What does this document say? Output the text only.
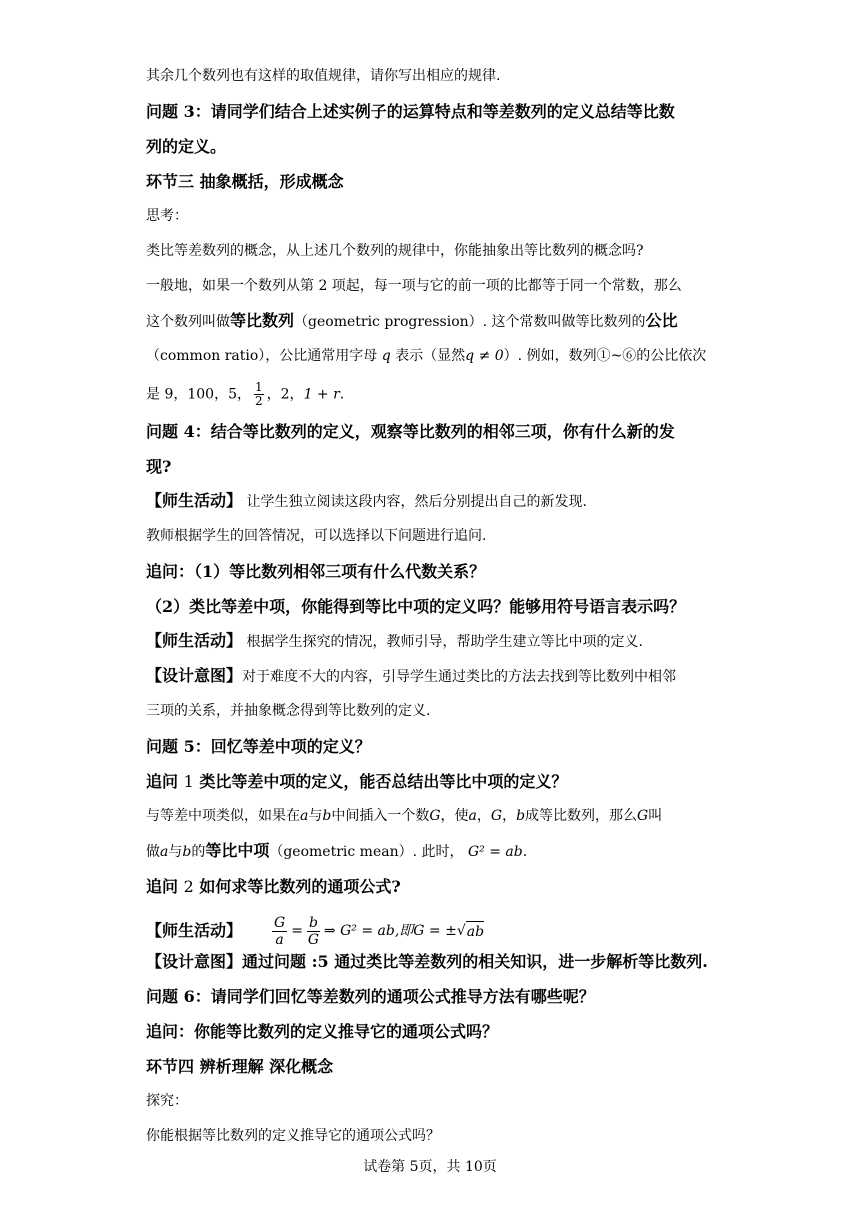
其余几个数列也有这样的取值规律，请你写出相应的规律.

问题 3：请同学们结合上述实例子的运算特点和等差数列的定义总结等比数

列的定义。

环节三 抽象概括，形成概念

思考：

类比等差数列的概念，从上述几个数列的规律中，你能抽象出等比数列的概念吗?

一般地，如果一个数列从第 2 项起，每一项与它的前一项的比都等于同一个常数，那么

这个数列叫做等比数列（geometric progression）. 这个常数叫做等比数列的公比

（common ratio），公比通常用字母 q 表示（显然q ≠ 0）. 例如，数列①~⑥的公比依次

是 9，100，5， $\frac{1}{2}$ ，2，1 + r.

问题 4：结合等比数列的定义，观察等比数列的相邻三项，你有什么新的发

现?

【师生活动】 让学生独立阅读这段内容，然后分别提出自己的新发现.

教师根据学生的回答情况，可以选择以下问题进行追问.

追问：（1）等比数列相邻三项有什么代数关系？

（2）类比等差中项，你能得到等比中项的定义吗？能够用符号语言表示吗？

【师生活动】 根据学生探究的情况，教师引导，帮助学生建立等比中项的定义.

【设计意图】对于难度不大的内容，引导学生通过类比的方法去找到等比数列中相邻

三项的关系，并抽象概念得到等比数列的定义.

问题 5：回忆等差中项的定义？

追问 1 类比等差中项的定义，能否总结出等比中项的定义？

与等差中项类似，如果在a与b中间插入一个数G，使a，G，b成等比数列，那么G叫

做a与b的等比中项（geometric mean）. 此时， G² = ab.

追问 2 如何求等比数列的通项公式?

【师生活动】 $\frac{G}{a} = \frac{b}{G}$ ⇒ G² = ab,即G = ± √ ab

【设计意图】通过问题 :5 通过类比等差数列的相关知识，进一步解析等比数列.

问题 6：请同学们回忆等差数列的通项公式推导方法有哪些呢？

追问：你能等比数列的定义推导它的通项公式吗？

环节四 辨析理解 深化概念

探究：

你能根据等比数列的定义推导它的通项公式吗？

试卷第 5页，共 10页
